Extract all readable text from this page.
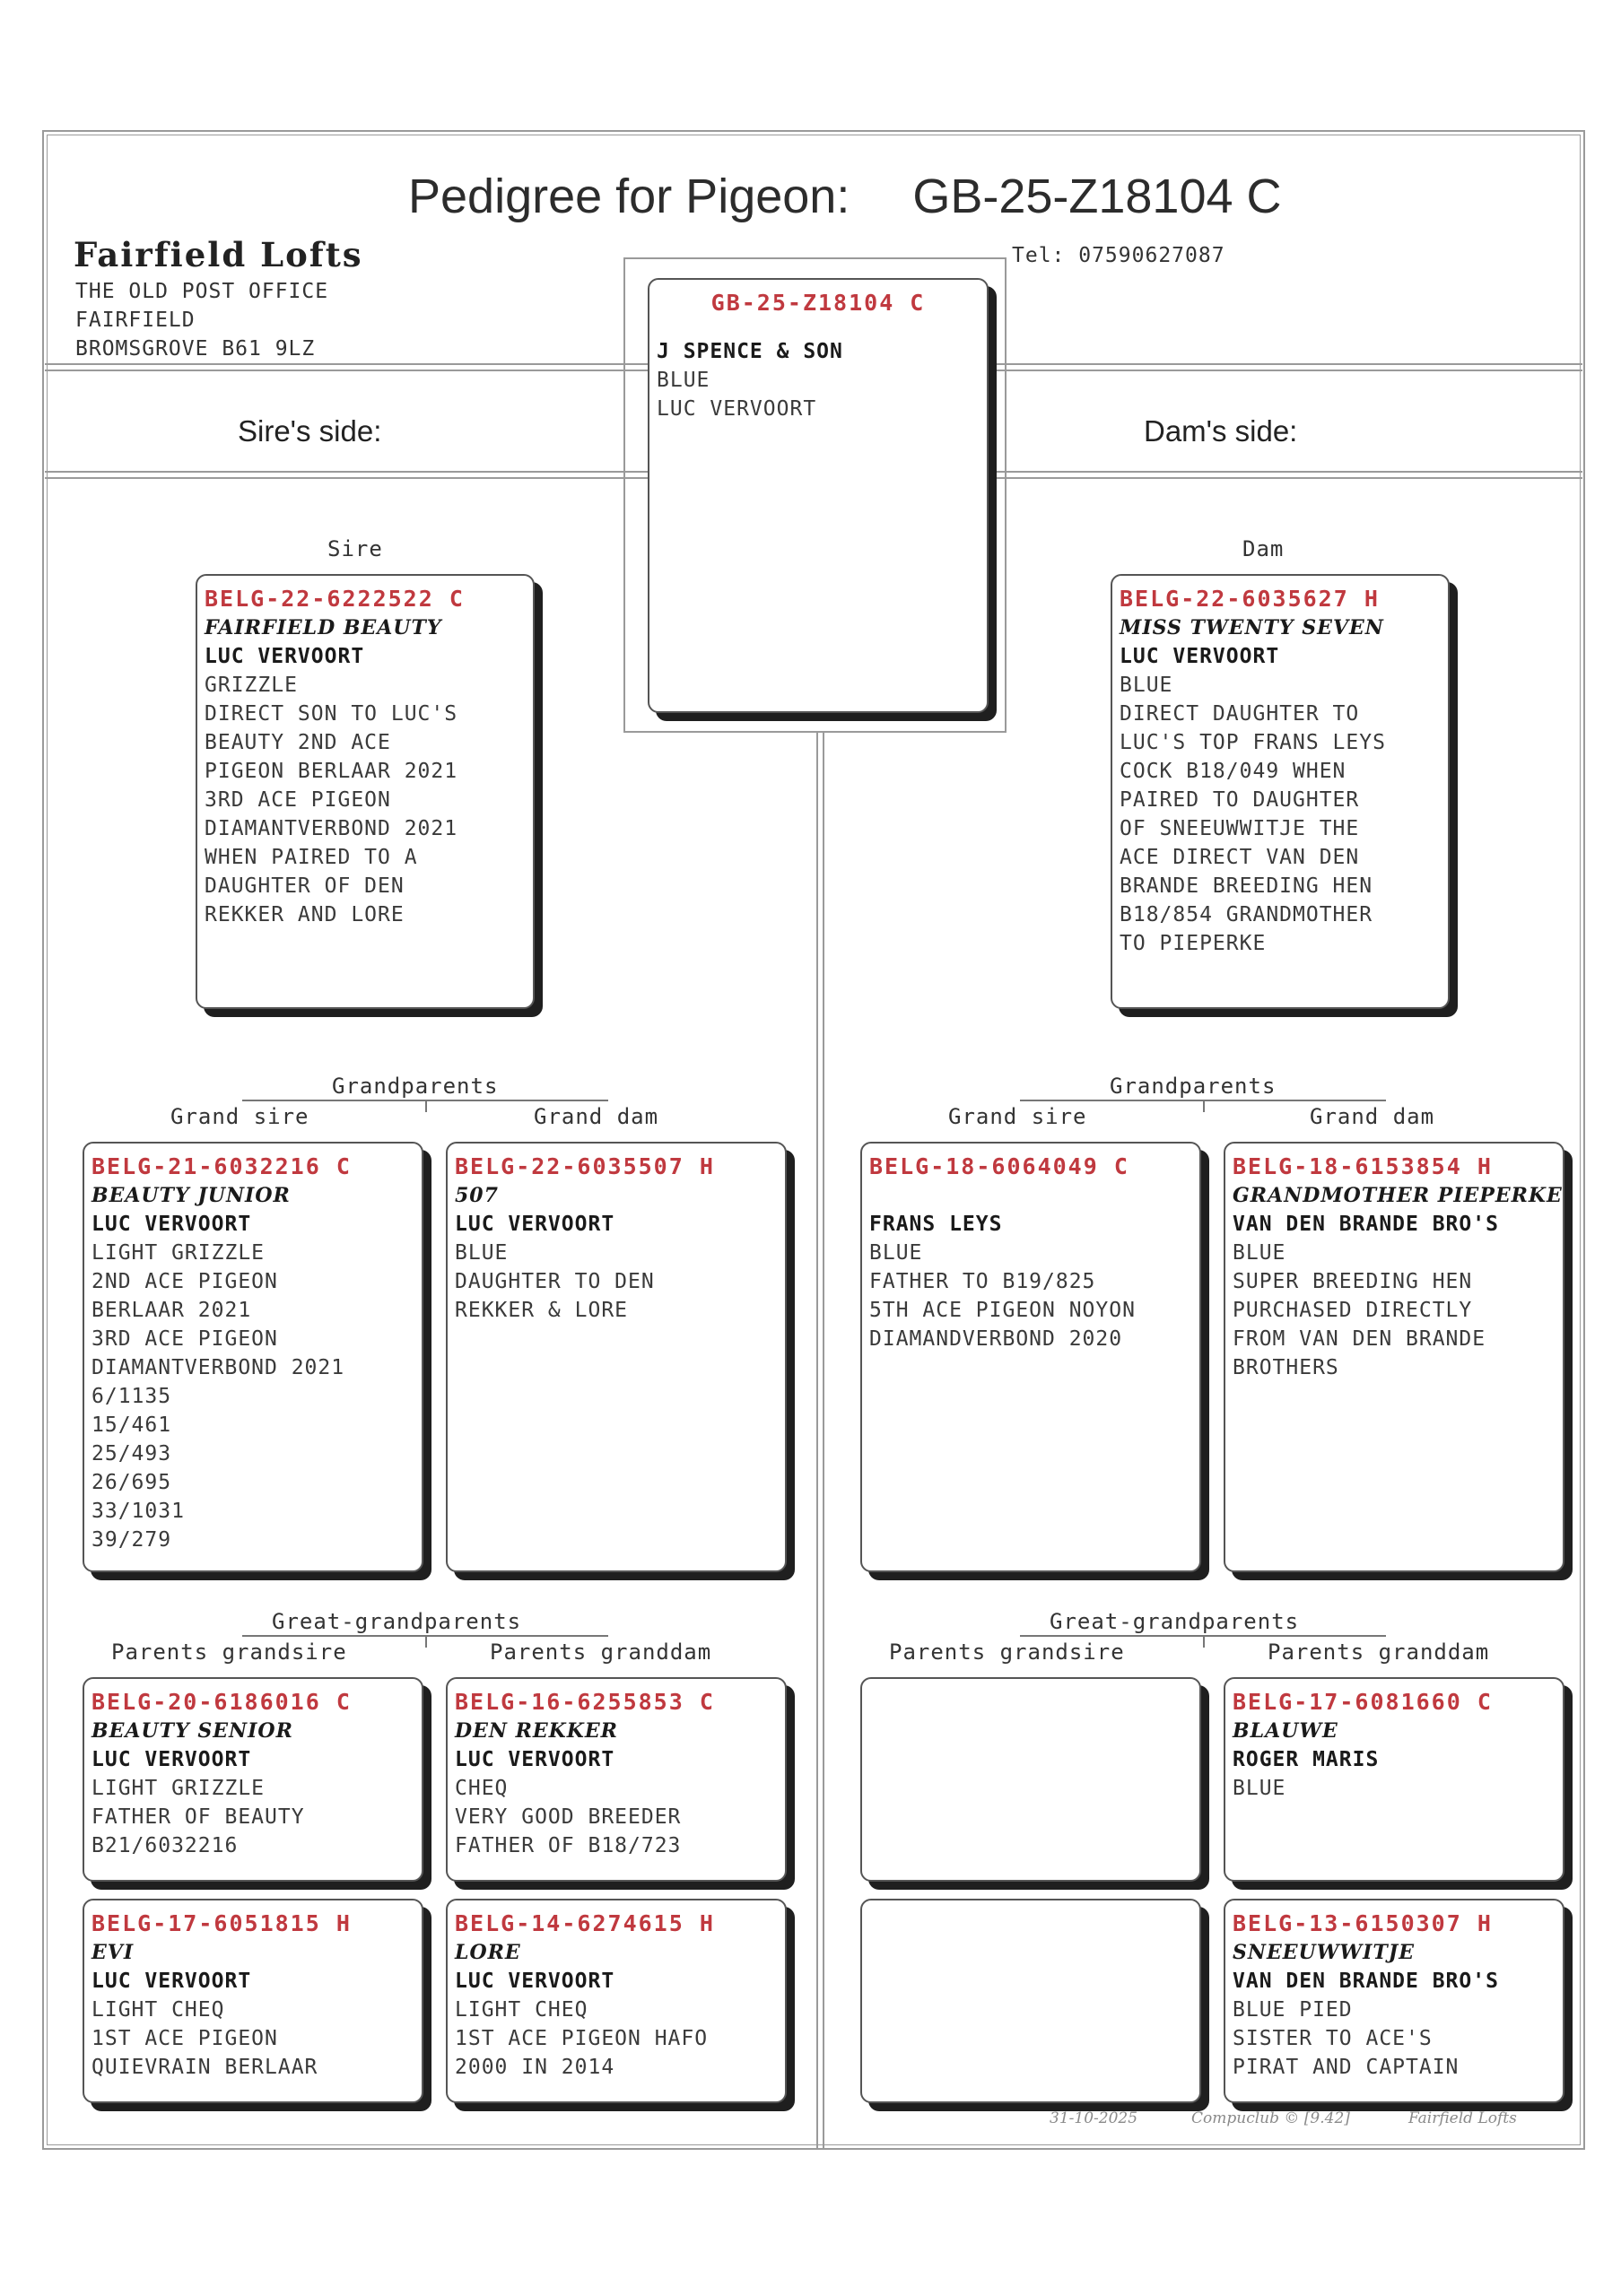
Pedigree for Pigeon: GB-25-Z18104 C
Fairfield Lofts
THE OLD POST OFFICE
FAIRFIELD
BROMSGROVE B61 9LZ
Tel: 07590627087
Sire's side:	Dam's side:
GB-25-Z18104 C
J SPENCE & SON
BLUE
LUC VERVOORT
Sire	Dam
BELG-22-6222522 C
FAIRFIELD BEAUTY
LUC VERVOORT
GRIZZLE
DIRECT SON TO LUC'S
BEAUTY 2ND ACE
PIGEON BERLAAR 2021
3RD ACE PIGEON
DIAMANTVERBOND 2021
WHEN PAIRED TO A
DAUGHTER OF DEN
REKKER AND LORE
BELG-22-6035627 H
MISS TWENTY SEVEN
LUC VERVOORT
BLUE
DIRECT DAUGHTER TO
LUC'S TOP FRANS LEYS
COCK B18/049 WHEN
PAIRED TO DAUGHTER
OF SNEEUWWITJE THE
ACE DIRECT VAN DEN
BRANDE BREEDING HEN
B18/854 GRANDMOTHER
TO PIEPERKE
Grandparents
Grand sire	Grand dam
Grandparents
Grand sire	Grand dam
BELG-21-6032216 C
BEAUTY JUNIOR
LUC VERVOORT
LIGHT GRIZZLE
2ND ACE PIGEON
BERLAAR 2021
3RD ACE PIGEON
DIAMANTVERBOND 2021
6/1135
15/461
25/493
26/695
33/1031
39/279
BELG-22-6035507 H
507
LUC VERVOORT
BLUE
DAUGHTER TO DEN
REKKER & LORE
BELG-18-6064049 C
FRANS LEYS
BLUE
FATHER TO B19/825
5TH ACE PIGEON NOYON
DIAMANDVERBOND 2020
BELG-18-6153854 H
GRANDMOTHER PIEPERKE
VAN DEN BRANDE BRO'S
BLUE
SUPER BREEDING HEN
PURCHASED DIRECTLY
FROM VAN DEN BRANDE
BROTHERS
Great-grandparents
Parents grandsire	Parents granddam
Great-grandparents
Parents grandsire	Parents granddam
BELG-20-6186016 C
BEAUTY SENIOR
LUC VERVOORT
LIGHT GRIZZLE
FATHER OF BEAUTY
B21/6032216
BELG-16-6255853 C
DEN REKKER
LUC VERVOORT
CHEQ
VERY GOOD BREEDER
FATHER OF B18/723
BELG-17-6081660 C
BLAUWE
ROGER MARIS
BLUE
BELG-17-6051815 H
EVI
LUC VERVOORT
LIGHT CHEQ
1ST ACE PIGEON
QUIEVRAIN BERLAAR
BELG-14-6274615 H
LORE
LUC VERVOORT
LIGHT CHEQ
1ST ACE PIGEON HAFO
2000 IN 2014
BELG-13-6150307 H
SNEEUWWITJE
VAN DEN BRANDE BRO'S
BLUE PIED
SISTER TO ACE'S
PIRAT AND CAPTAIN
31-10-2025	Compuclub © [9.42]	Fairfield Lofts
